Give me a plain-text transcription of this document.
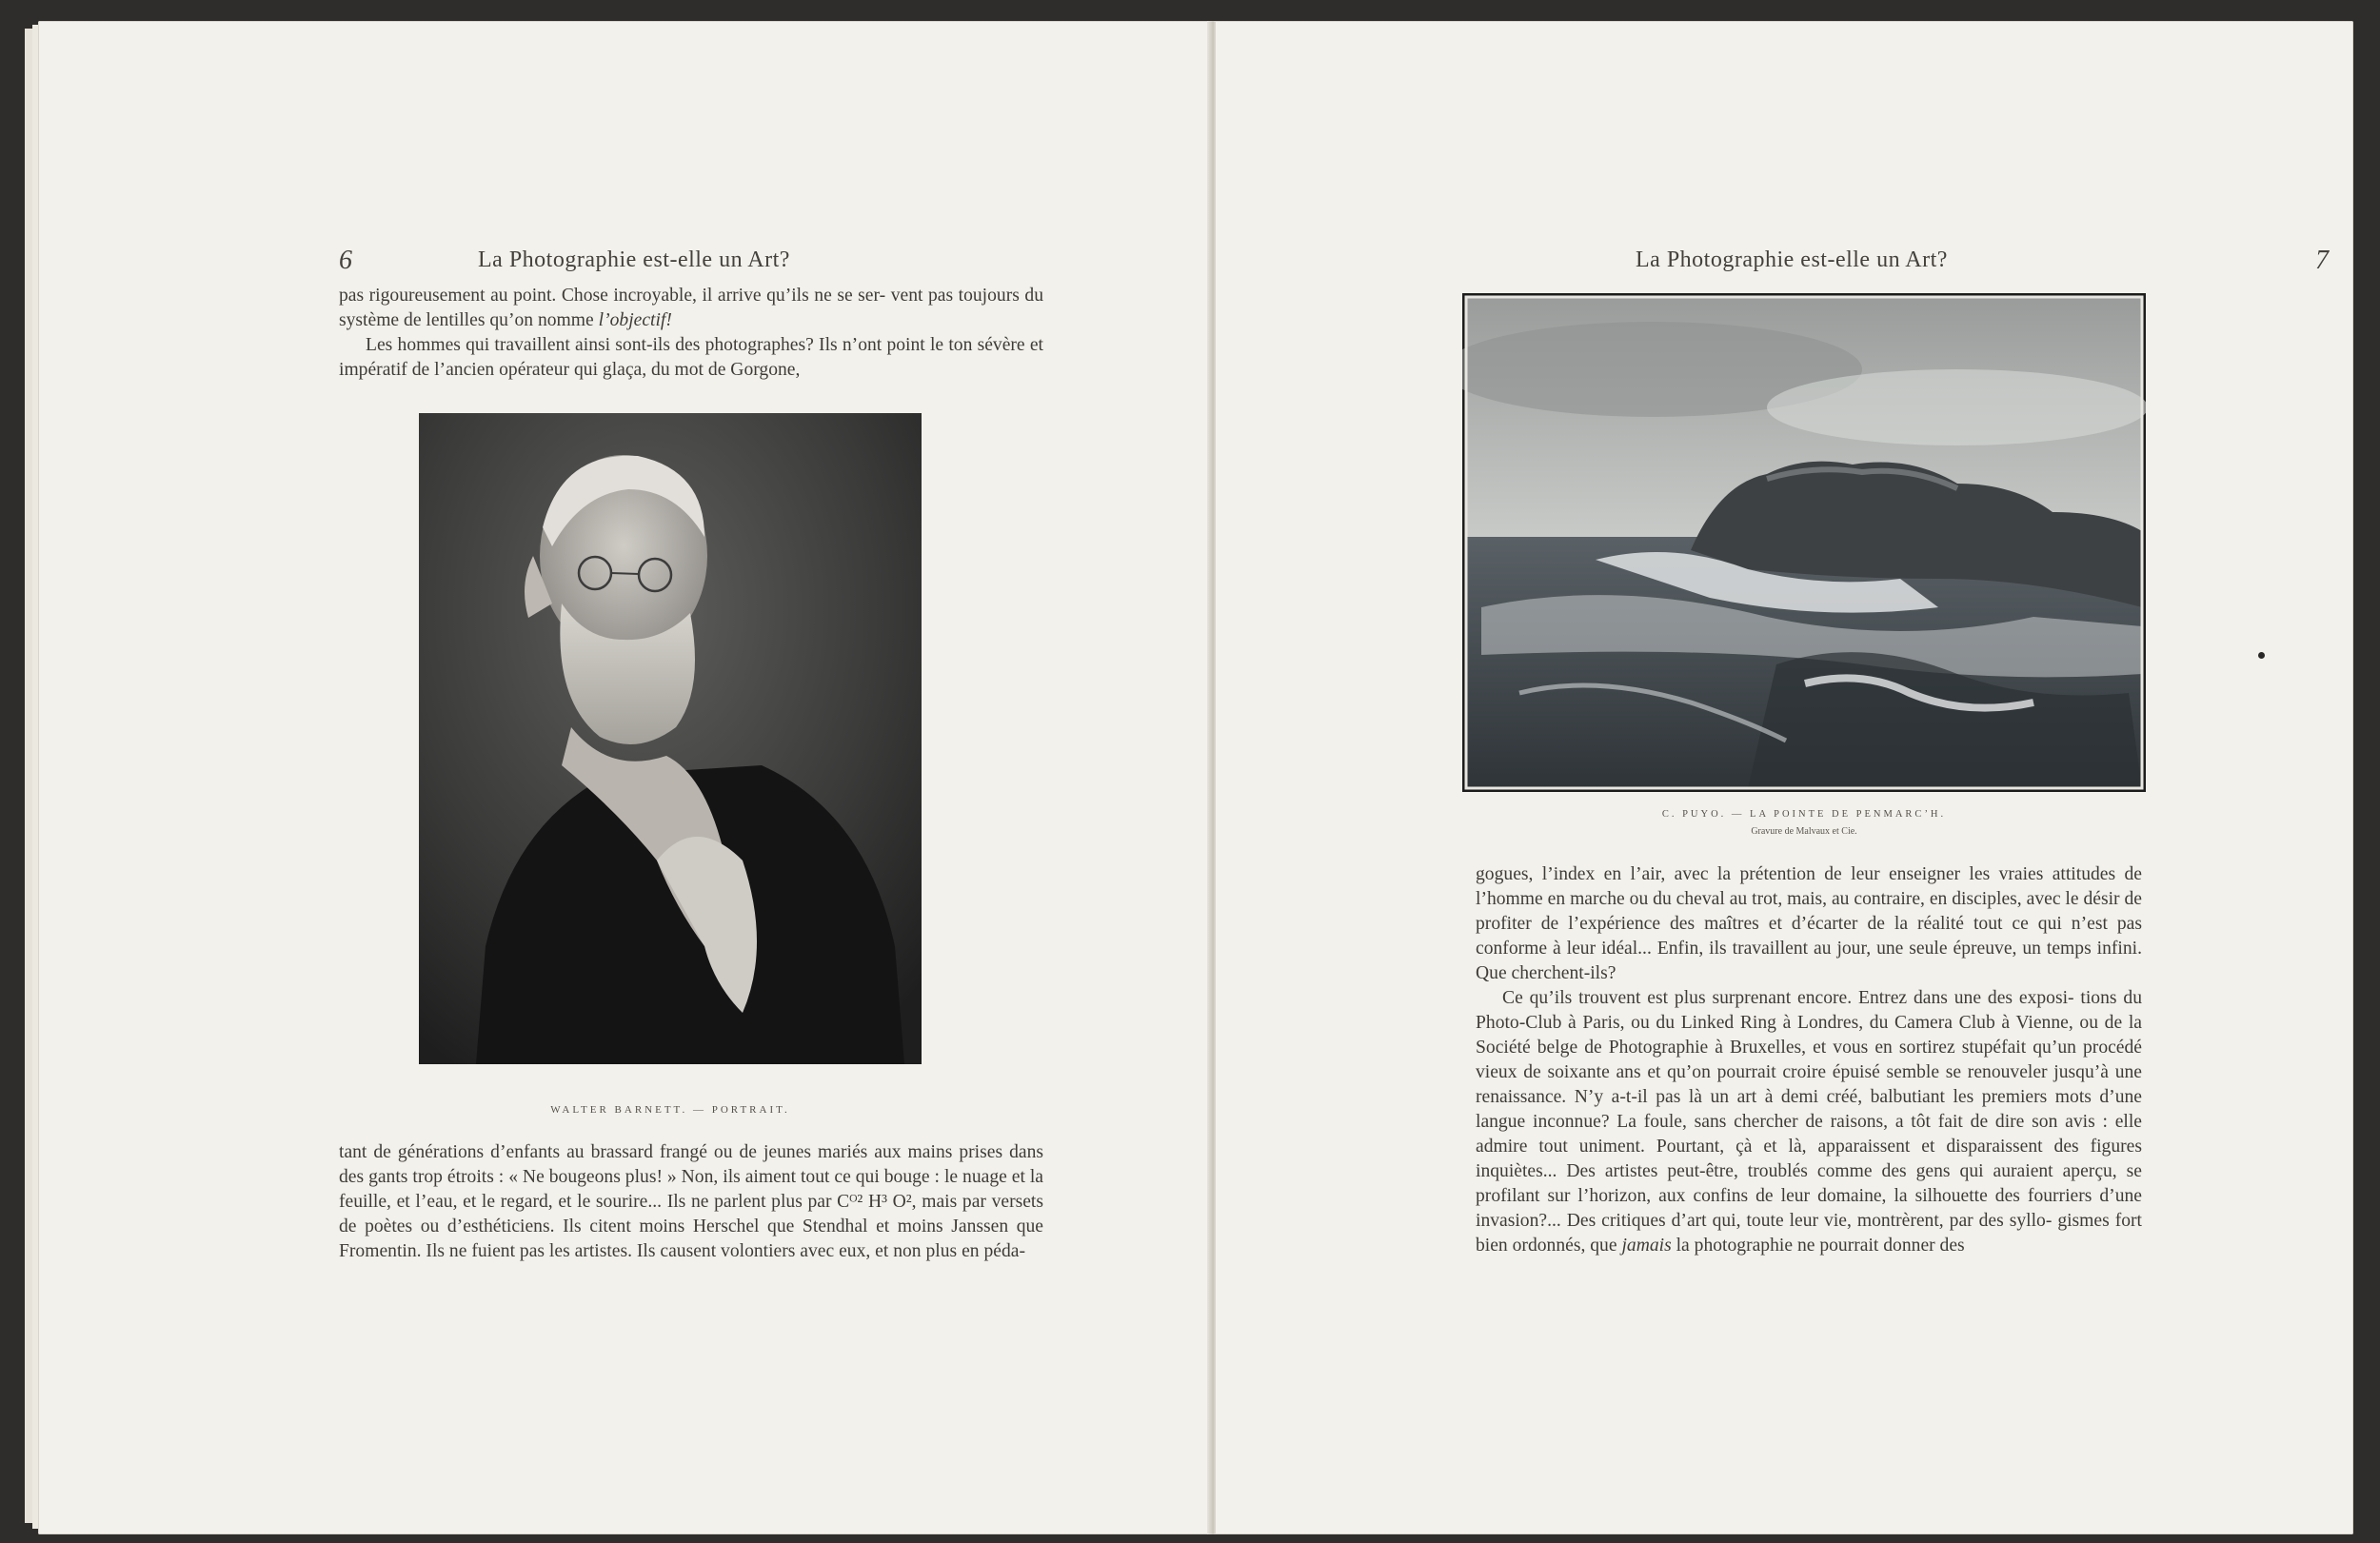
6	La Photographie est-elle un Art?

pas rigoureusement au point. Chose incroyable, il arrive qu’ils ne se ser- vent pas toujours du système de lentilles qu’on nomme l’objectif!

Les hommes qui travaillent ainsi sont-ils des photographes? Ils n’ont point le ton sévère et impératif de l’ancien opérateur qui glaça, du mot de Gorgone,

WALTER BARNETT. — PORTRAIT.

tant de générations d’enfants au brassard frangé ou de jeunes mariés aux mains prises dans des gants trop étroits : « Ne bougeons plus! » Non, ils aiment tout ce qui bouge : le nuage et la feuille, et l’eau, et le regard, et le sourire... Ils ne parlent plus par Cᴼ² H³ O², mais par versets de poètes ou d’esthéticiens. Ils citent moins Herschel que Stendhal et moins Janssen que Fromentin. Ils ne fuient pas les artistes. Ils causent volontiers avec eux, et non plus en péda-

La Photographie est-elle un Art?	7
C. PUYO. — LA POINTE DE PENMARC’H.
Gravure de Malvaux et Cie.

gogues, l’index en l’air, avec la prétention de leur enseigner les vraies attitudes de l’homme en marche ou du cheval au trot, mais, au contraire, en disciples, avec le désir de profiter de l’expérience des maîtres et d’écarter de la réalité tout ce qui n’est pas conforme à leur idéal... Enfin, ils travaillent au jour, une seule épreuve, un temps infini. Que cherchent-ils?

Ce qu’ils trouvent est plus surprenant encore. Entrez dans une des exposi- tions du Photo-Club à Paris, ou du Linked Ring à Londres, du Camera Club à Vienne, ou de la Société belge de Photographie à Bruxelles, et vous en sortirez stupéfait qu’un procédé vieux de soixante ans et qu’on pourrait croire épuisé semble se renouveler jusqu’à une renaissance. N’y a-t-il pas là un art à demi créé, balbutiant les premiers mots d’une langue inconnue? La foule, sans chercher de raisons, a tôt fait de dire son avis : elle admire tout uniment. Pourtant, çà et là, apparaissent et disparaissent des figures inquiètes... Des artistes peut-être, troublés comme des gens qui auraient aperçu, se profilant sur l’horizon, aux confins de leur domaine, la silhouette des fourriers d’une invasion?... Des critiques d’art qui, toute leur vie, montrèrent, par des syllo- gismes fort bien ordonnés, que jamais la photographie ne pourrait donner des
